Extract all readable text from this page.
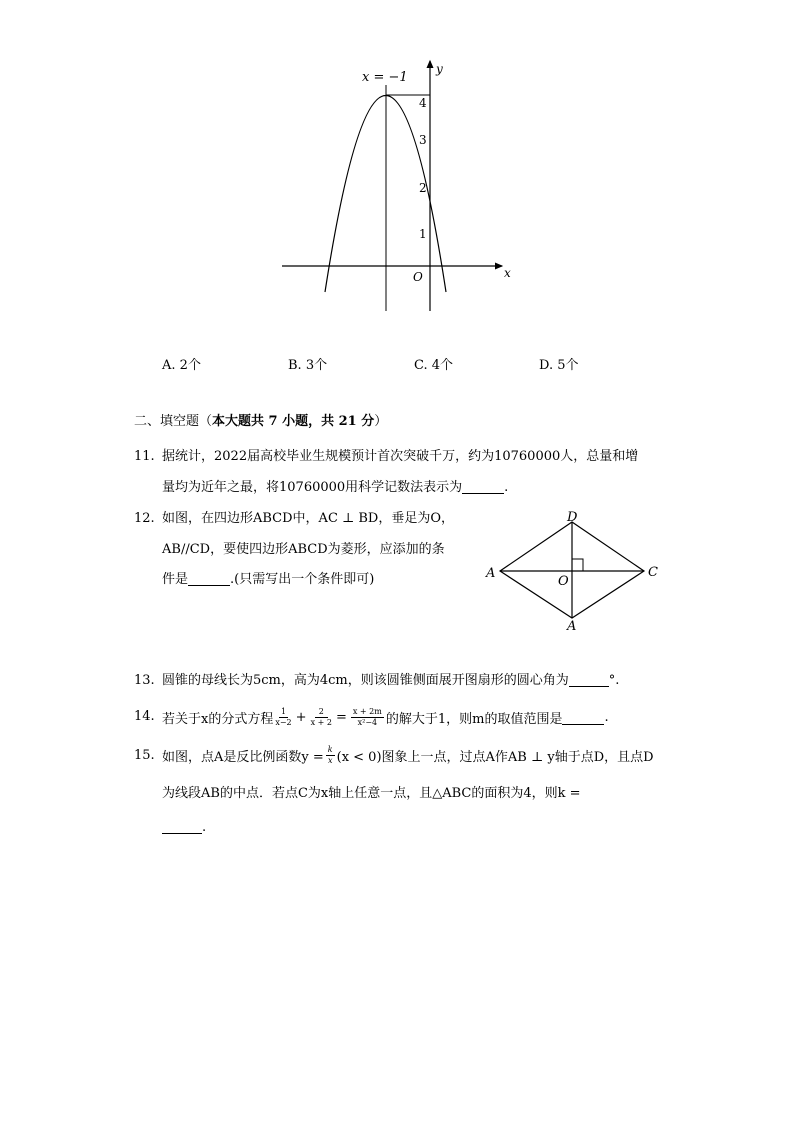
x = −1
y
x
O
4
3
2
1
A. 2个	B. 3个	C. 4个	D. 5个
二、填空题（本大题共 7 小题，共 21 分）
11. 据统计，2022届高校毕业生规模预计首次突破千万，约为10760000人，总量和增
量均为近年之最，将10760000用科学记数法表示为	.
12. 如图，在四边形ABCD中，AC ⊥ BD，垂足为O，
AB//CD，要使四边形ABCD为菱形，应添加的条
件是	.(只需写出一个条件即可)
D
A
O
C
A
13. 圆锥的母线长为5cm，高为4cm，则该圆锥侧面展开图扇形的圆心角为	°.
14. 若关于x的分式方程
1
$x-2 + \frac{2}{x + 2} = \frac{x + 2m}{\text{x²−4}}$ 的解大于1，则m的取值范围是	.
15. 如图，点A是反比例函数$y = \frac{k}{x} (x < 0)$图象上一点，过点A作AB ⊥ y轴于点D，且点D
为线段AB的中点．若点C为x轴上任意一点，且△ABC的面积为4，则k =
.
